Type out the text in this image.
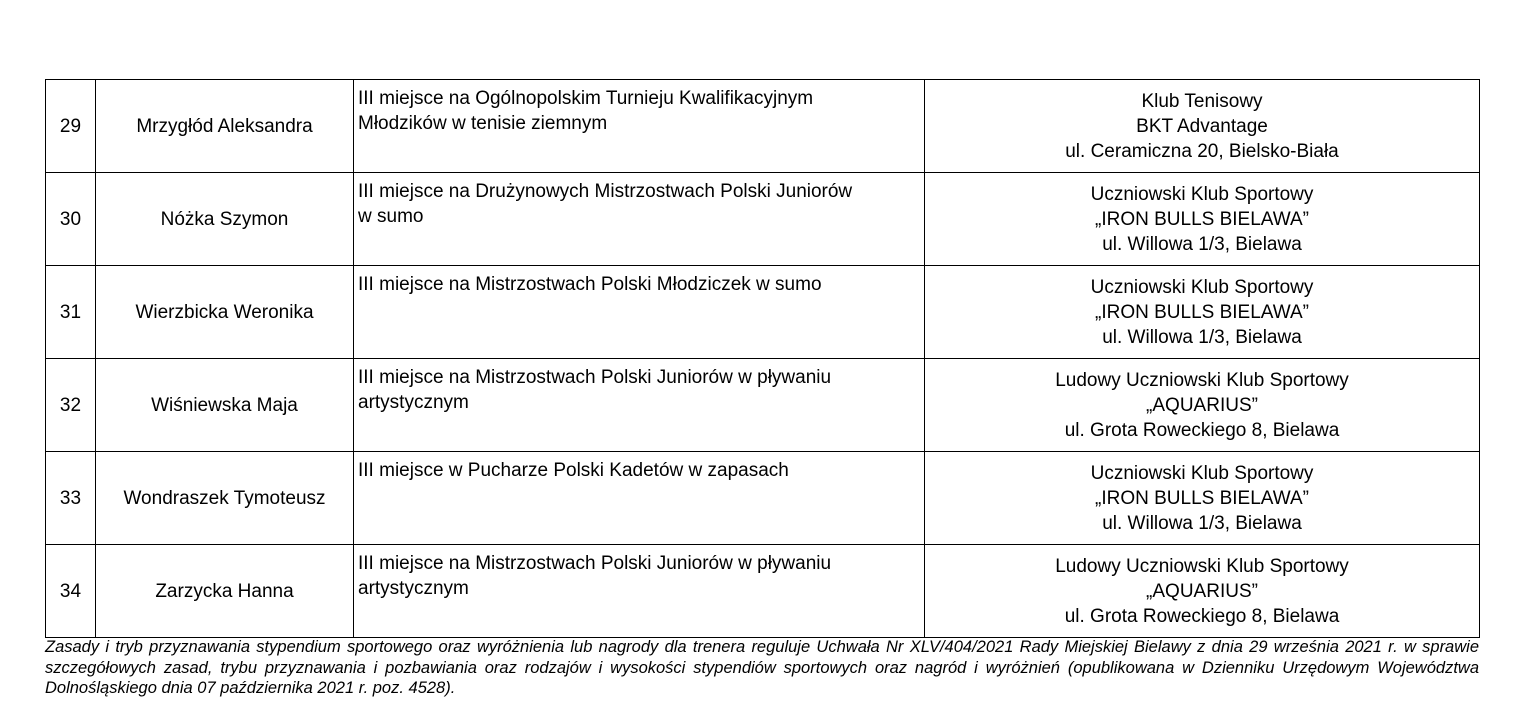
29	Mrzygłód Aleksandra	III miejsce na Ogólnopolskim Turnieju Kwalifikacyjnym
Młodzików w tenisie ziemnym	Klub Tenisowy
BKT Advantage
ul. Ceramiczna 20, Bielsko-Biała

30	Nóżka Szymon	III miejsce na Drużynowych Mistrzostwach Polski Juniorów
w sumo	Uczniowski Klub Sportowy
„IRON BULLS BIELAWA”
ul. Willowa 1/3, Bielawa

31	Wierzbicka Weronika	III miejsce na Mistrzostwach Polski Młodziczek w sumo	Uczniowski Klub Sportowy
„IRON BULLS BIELAWA”
ul. Willowa 1/3, Bielawa

32	Wiśniewska Maja	III miejsce na Mistrzostwach Polski Juniorów w pływaniu
artystycznym	Ludowy Uczniowski Klub Sportowy
„AQUARIUS”
ul. Grota Roweckiego 8, Bielawa

33	Wondraszek Tymoteusz	III miejsce w Pucharze Polski Kadetów w zapasach	Uczniowski Klub Sportowy
„IRON BULLS BIELAWA”
ul. Willowa 1/3, Bielawa

34	Zarzycka Hanna	III miejsce na Mistrzostwach Polski Juniorów w pływaniu
artystycznym	Ludowy Uczniowski Klub Sportowy
„AQUARIUS”
ul. Grota Roweckiego 8, Bielawa
Zasady i tryb przyznawania stypendium sportowego oraz wyróżnienia lub nagrody dla trenera reguluje Uchwała Nr XLV/404/2021 Rady Miejskiej Bielawy z dnia 29 września 2021 r. w sprawie szczegółowych zasad, trybu przyznawania i pozbawiania oraz rodzajów i wysokości stypendiów sportowych oraz nagród i wyróżnień (opublikowana w Dzienniku Urzędowym Województwa Dolnośląskiego dnia 07 października 2021 r. poz. 4528).
